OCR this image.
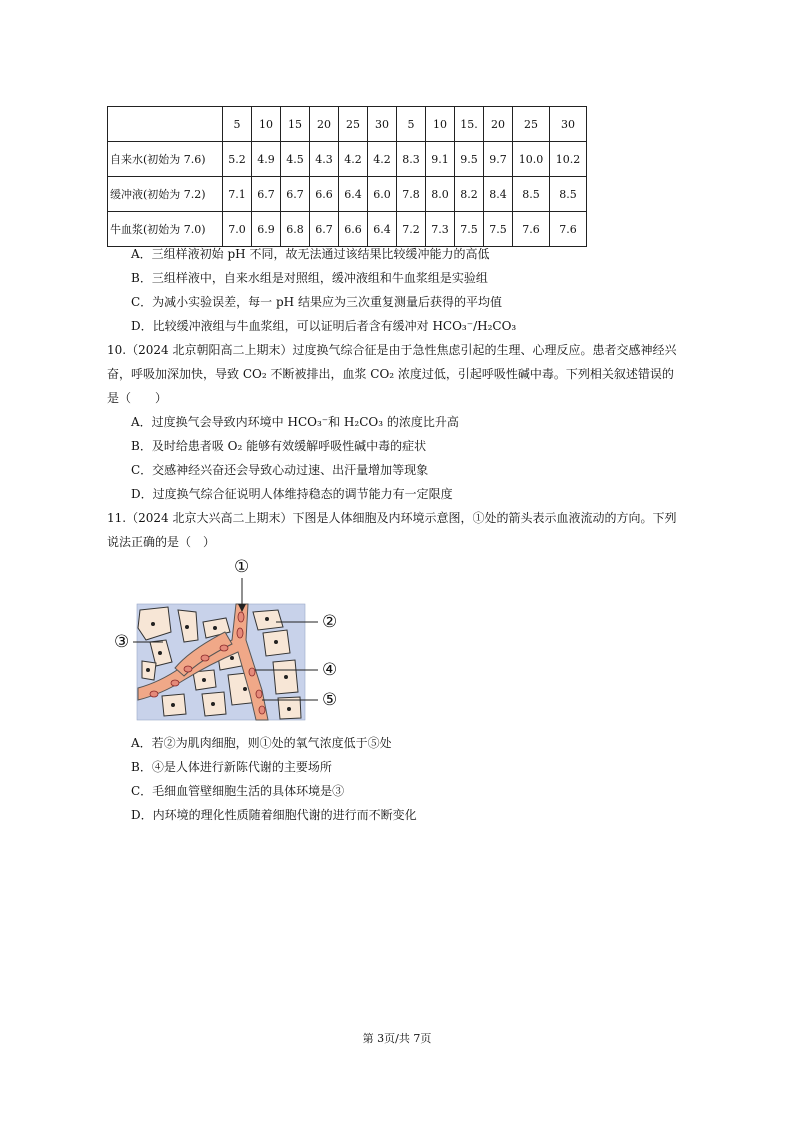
	5	10	15	20	25	30	5	10	15.	20	25	30
自来水(初始为 7.6)	5.2	4.9	4.5	4.3	4.2	4.2	8.3	9.1	9.5	9.7	10.0	10.2
缓冲液(初始为 7.2)	7.1	6.7	6.7	6.6	6.4	6.0	7.8	8.0	8.2	8.4	8.5	8.5
牛血浆(初始为 7.0)	7.0	6.9	6.8	6.7	6.6	6.4	7.2	7.3	7.5	7.5	7.6	7.6
A．三组样液初始 pH 不同，故无法通过该结果比较缓冲能力的高低
B．三组样液中，自来水组是对照组，缓冲液组和牛血浆组是实验组
C．为减小实验误差，每一 pH 结果应为三次重复测量后获得的平均值
D．比较缓冲液组与牛血浆组，可以证明后者含有缓冲对 HCO₃⁻/H₂CO₃
10.（2024 北京朝阳高二上期末）过度换气综合征是由于急性焦虑引起的生理、心理反应。患者交感神经兴
奋，呼吸加深加快，导致 CO₂ 不断被排出，血浆 CO₂ 浓度过低，引起呼吸性碱中毒。下列相关叙述错误的
是（　　）
A．过度换气会导致内环境中 HCO₃⁻和 H₂CO₃ 的浓度比升高
B．及时给患者吸 O₂ 能够有效缓解呼吸性碱中毒的症状
C．交感神经兴奋还会导致心动过速、出汗量增加等现象
D．过度换气综合征说明人体维持稳态的调节能力有一定限度
11.（2024 北京大兴高二上期末）下图是人体细胞及内环境示意图，①处的箭头表示血液流动的方向。下列
说法正确的是（　）
①
②
③
④
⑤
A．若②为肌肉细胞，则①处的氧气浓度低于⑤处
B．④是人体进行新陈代谢的主要场所
C．毛细血管壁细胞生活的具体环境是③
D．内环境的理化性质随着细胞代谢的进行而不断变化
第 3页/共 7页
